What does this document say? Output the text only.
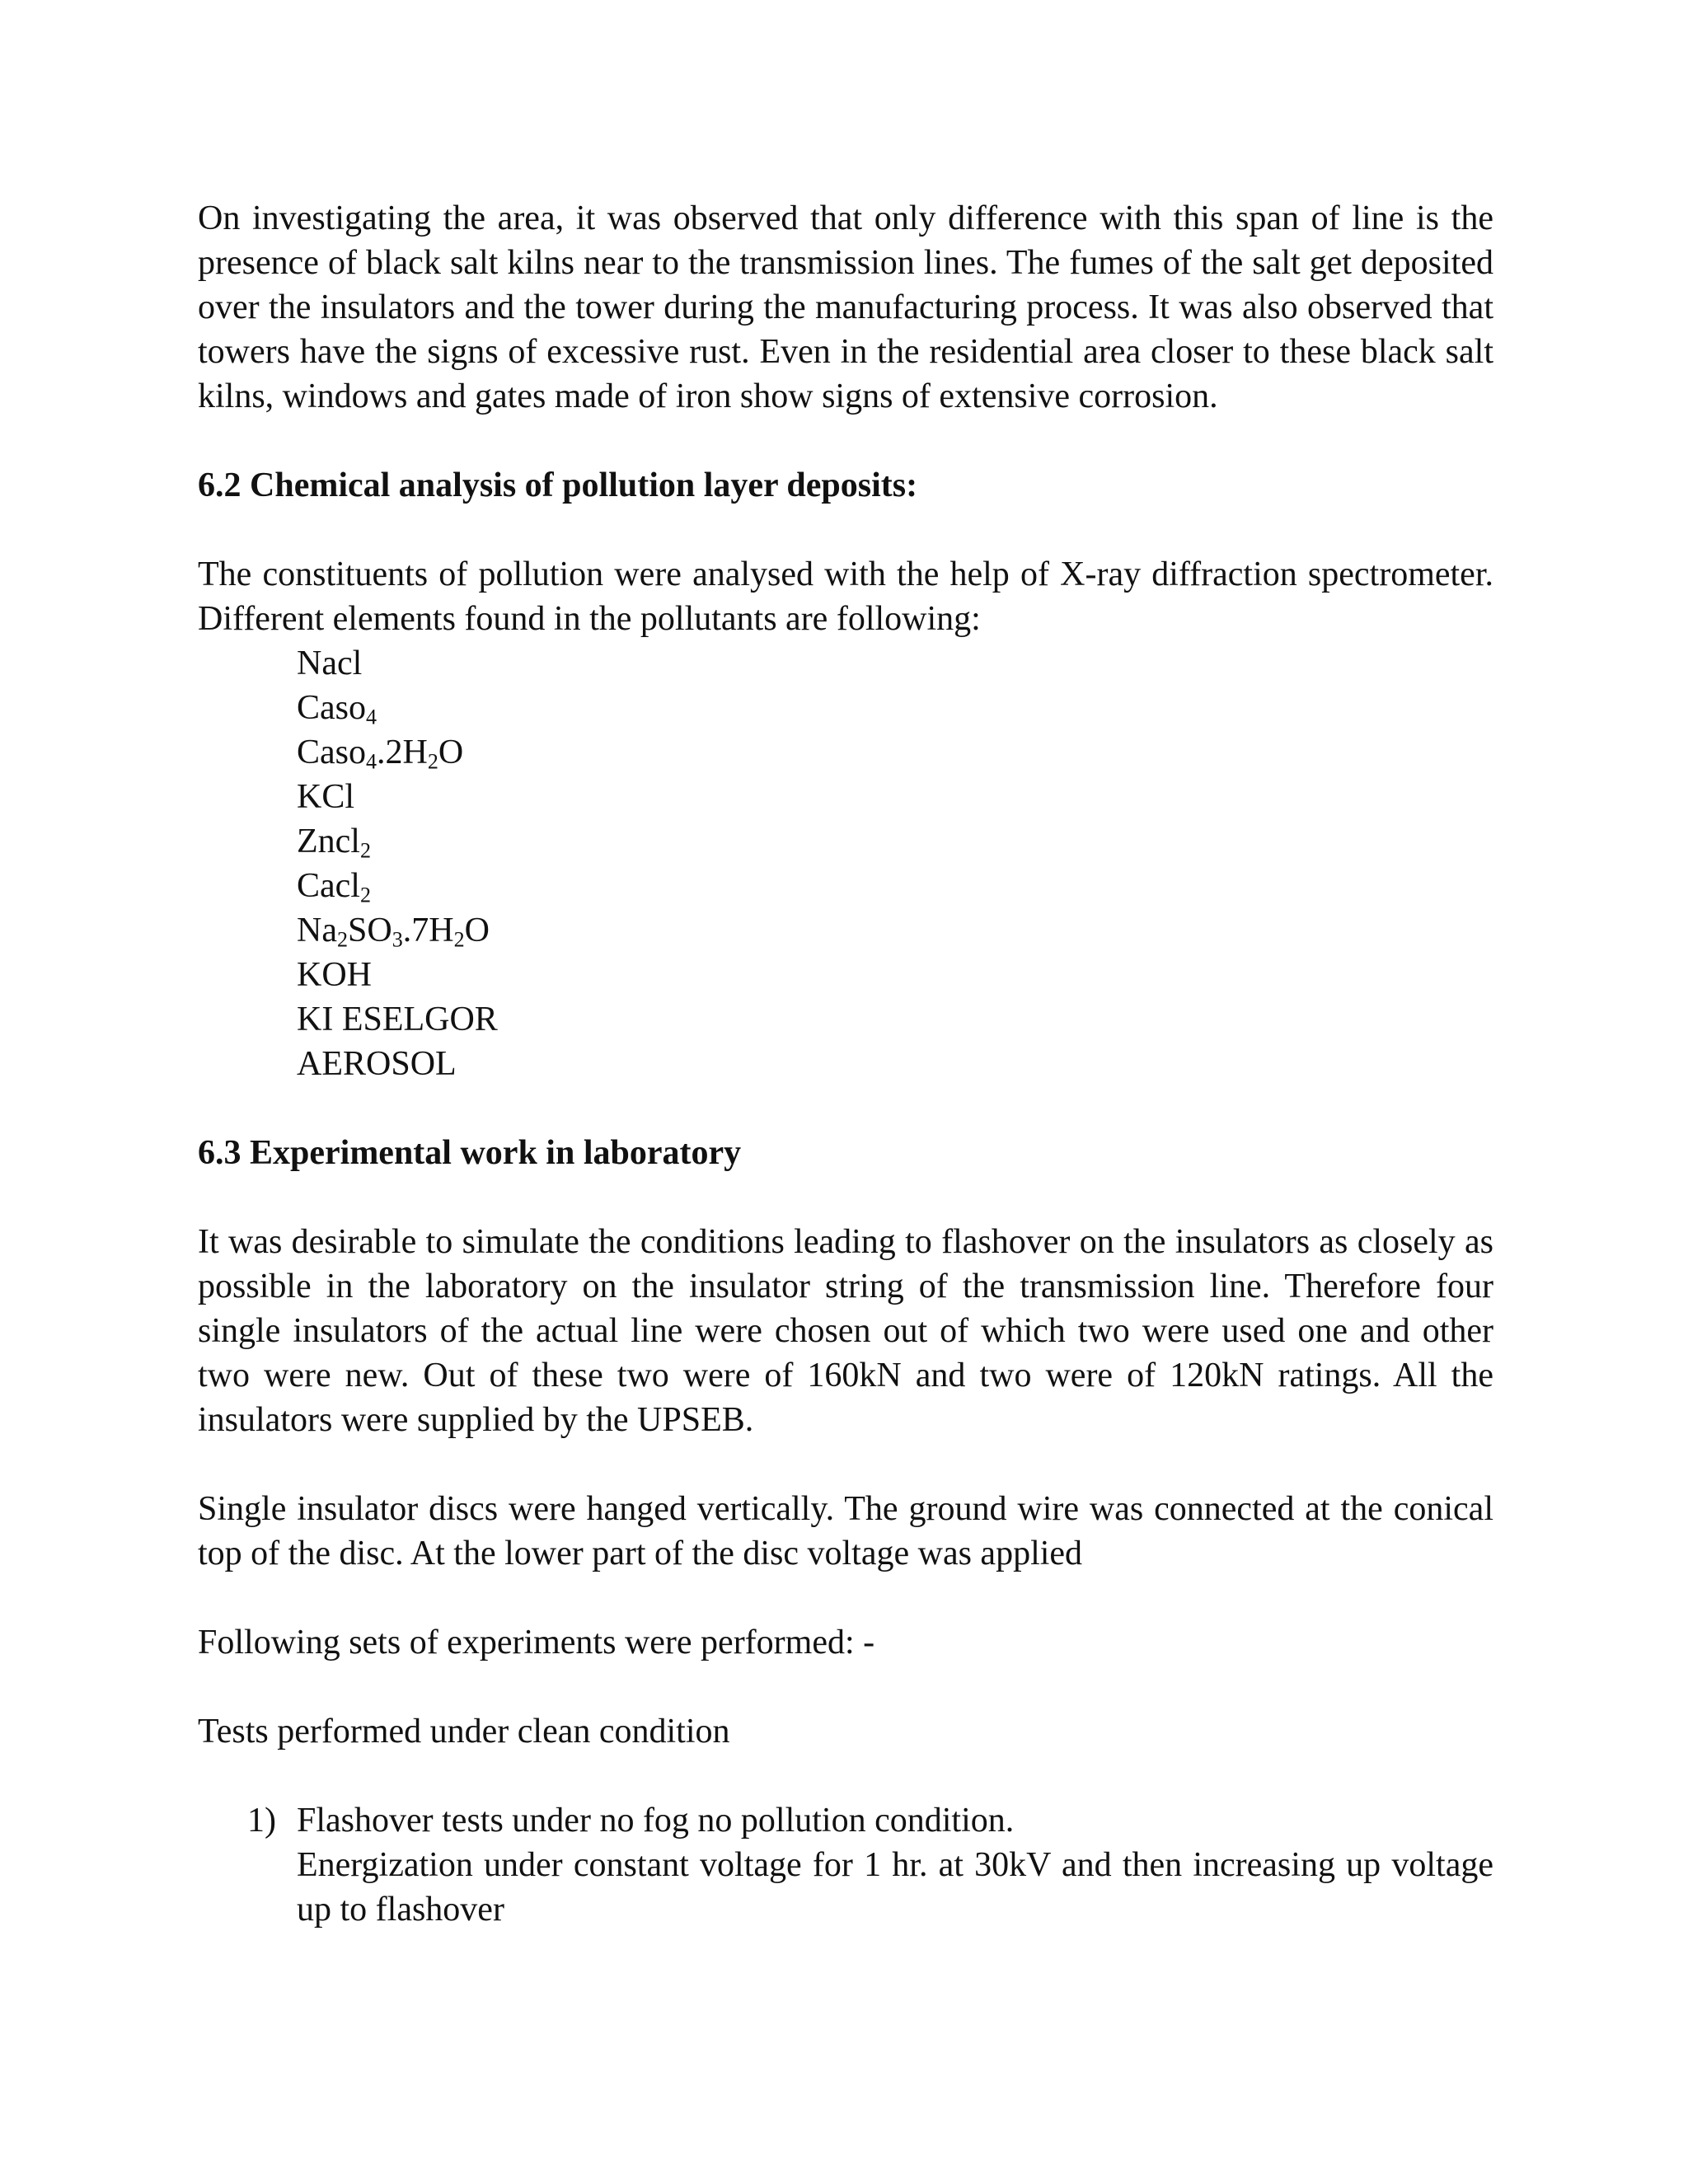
On investigating the area, it was observed that only difference with this span of line is the presence of black salt kilns near to the transmission lines. The fumes of the salt get deposited over the insulators and the tower during the manufacturing process. It was also observed that towers have the signs of excessive rust. Even in the residential area closer to these black salt kilns, windows and gates made of iron show signs of extensive corrosion.

6.2 Chemical analysis of pollution layer deposits:

The constituents of pollution were analysed with the help of X-ray diffraction spectrometer. Different elements found in the pollutants are following:

Nacl
Caso$_4$
$Caso_4.2H_2O$
KCl
Zncl$_2$
Cacl$_2$
$Na_2SO_3.7H_2O$
KOH
KI ESELGOR
AEROSOL

6.3 Experimental work in laboratory

It was desirable to simulate the conditions leading to flashover on the insulators as closely as possible in the laboratory on the insulator string of the transmission line. Therefore four single insulators of the actual line were chosen out of which two were used one and other two were new. Out of these two were of 160kN and two were of 120kN ratings. All the insulators were supplied by the UPSEB.

Single insulator discs were hanged vertically. The ground wire was connected at the conical top of the disc. At the lower part of the disc voltage was applied

Following sets of experiments were performed: -

Tests performed under clean condition

1) Flashover tests under no fog no pollution condition.
Energization under constant voltage for 1 hr. at 30kV and then increasing up voltage up to flashover
